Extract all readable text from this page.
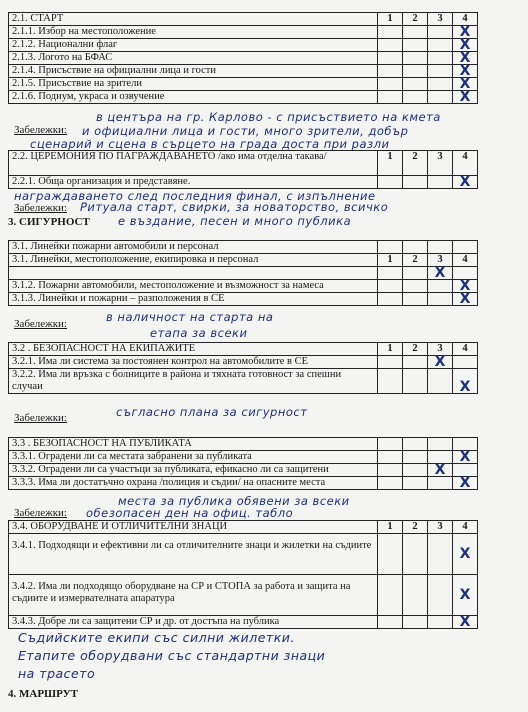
2.1. СТАРТ	1	2	3	4
2.1.1. Избор на местоположение				X
2.1.2. Национални флаг				X
2.1.3. Логото на БФАС				X
2.1.4. Присъствие на официални лица и гости				X
2.1.5. Присъствие на зрители				X
2.1.6. Подиум, украса и озвучение				X
в центъра на гр. Карлово - с присъствието на кмета
Забележки: и официални лица и гости, много зрители, добър
сценарий и сцена в сърцето на града доста при разли
2.2. ЦЕРЕМОНИЯ ПО ПАГРАЖДАВАНЕТО /ако има отделна такава/	1	2	3	4
2.2.1. Обща организация и представяне.				X
награждаването след последния финал, с изпълнение
Забележки: Ритуала старт, свирки, за новаторство, всичко
3. СИГУРНОСТ е въздание, песен и много публика
3.1. Линейки пожарни автомобили и персонал				
3.1. Линейки, местоположение, екипировка и персонал	1	2	3	4
			X	
3.1.2. Пожарни автомобили, местоположение и възможност за намеса				X
3.1.3. Линейки и пожарни – разположения в СЕ				X
Забележки:	в наличност на старта на
етапа за всеки
3.2 . БЕЗОПАСНОСТ НА ЕКИПАЖИТЕ	1	2	3	4
3.2.1. Има ли система за постоянен контрол на автомобилите в СЕ			X	
3.2.2. Има ли връзка с болниците в района и тяхната готовност за спешни случаи				X
Забележки:	съгласно плана за сигурност
3.3 . БЕЗОПАСНОСТ НА ПУБЛИКАТА				
3.3.1. Оградени ли са местата забранени за публиката				X
3.3.2. Оградени ли са участъци за публиката, ефикасно ли са защитени			X	
3.3.3. Има ли достатъчно охрана /полиция и съдии/ на опасните места				X
места за публика обявени за всеки
Забележки: обезопасен ден на офиц. табло
3.4. ОБОРУДВАНЕ И ОТЛИЧИТЕЛНИ ЗНАЦИ	1	2	3	4
3.4.1. Подходящи и ефективни ли са отличителните знаци и жилетки на съдиите				X
3.4.2. Има ли подходящо оборудване на СР и СТОПА за работа и защита на съдиите и измервателната апаратура				X
3.4.3. Добре ли са защитени СР и др. от достъпа на публика				X
Съдийските екипи със силни жилетки.
Етапите оборудвани със стандартни знаци
на трасето
4. МАРШРУТ
